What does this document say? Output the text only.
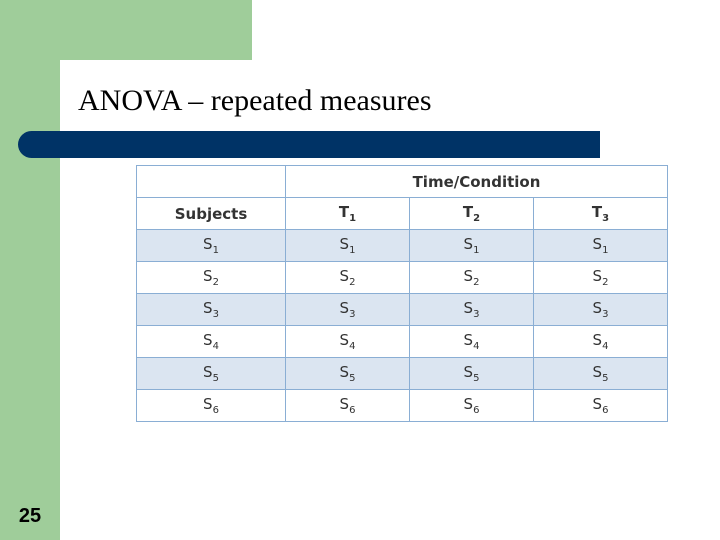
ANOVA – repeated measures
	Time/Condition		
Subjects	$T_1$	$T_2$	$T_3$
$S_1$	$S_1$	$S_1$	$S_1$
$S_2$	$S_2$	$S_2$	$S_2$
$S_3$	$S_3$	$S_3$	$S_3$
$S_4$	$S_4$	$S_4$	$S_4$
$S_5$	$S_5$	$S_5$	$S_5$
$S_6$	$S_6$	$S_6$	$S_6$
25
